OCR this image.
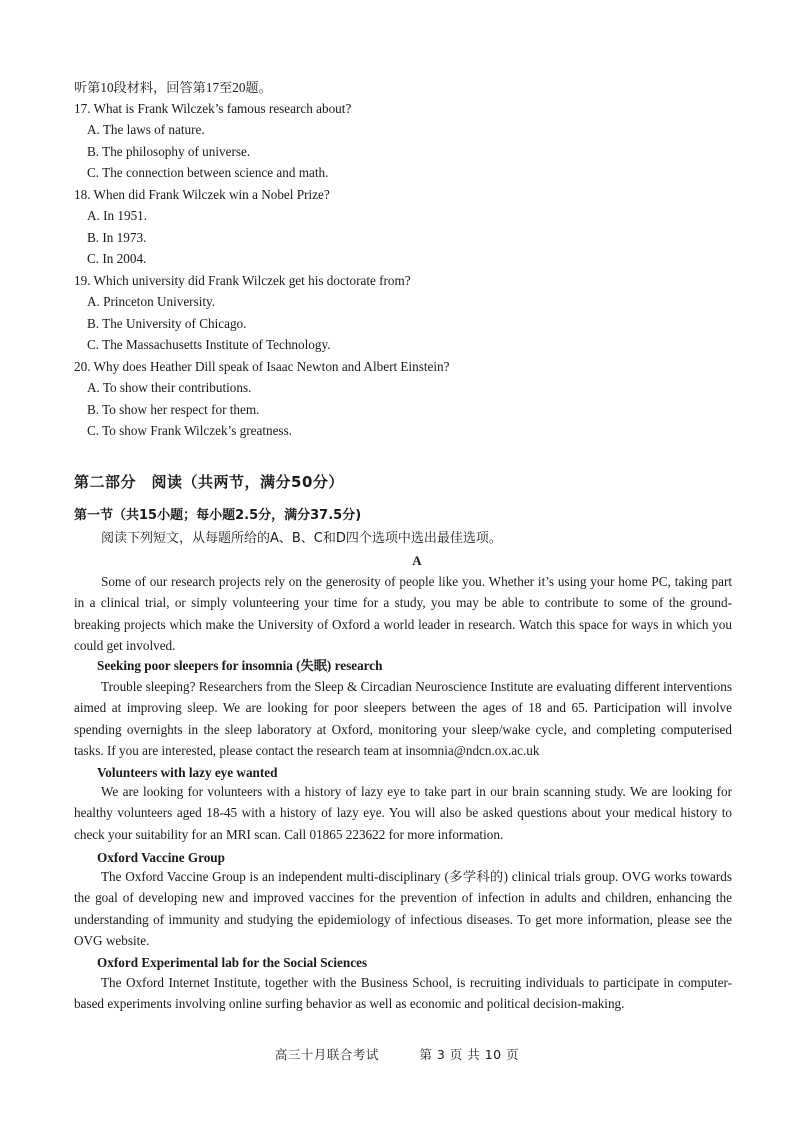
听第10段材料，回答第17至20题。
17. What is Frank Wilczek’s famous research about?
A. The laws of nature.
B. The philosophy of universe.
C. The connection between science and math.
18. When did Frank Wilczek win a Nobel Prize?
A. In 1951.
B. In 1973.
C. In 2004.
19. Which university did Frank Wilczek get his doctorate from?
A. Princeton University.
B. The University of Chicago.
C. The Massachusetts Institute of Technology.
20. Why does Heather Dill speak of Isaac Newton and Albert Einstein?
A. To show their contributions.
B. To show her respect for them.
C. To show Frank Wilczek’s greatness.
第二部分　阅读（共两节，满分50分）
第一节（共15小题；每小题2.5分，满分37.5分)
阅读下列短文，从每题所给的A、B、C和D四个选项中选出最佳选项。
A
Some of our research projects rely on the generosity of people like you. Whether it’s using your home PC, taking part in a clinical trial, or simply volunteering your time for a study, you may be able to contribute to some of the ground-breaking projects which make the University of Oxford a world leader in research. Watch this space for ways in which you could get involved.
Seeking poor sleepers for insomnia (失眠) research
Trouble sleeping? Researchers from the Sleep & Circadian Neuroscience Institute are evaluating different interventions aimed at improving sleep. We are looking for poor sleepers between the ages of 18 and 65. Participation will involve spending overnights in the sleep laboratory at Oxford, monitoring your sleep/wake cycle, and completing computerised tasks. If you are interested, please contact the research team at insomnia@ndcn.ox.ac.uk
Volunteers with lazy eye wanted
We are looking for volunteers with a history of lazy eye to take part in our brain scanning study. We are looking for healthy volunteers aged 18-45 with a history of lazy eye. You will also be asked questions about your medical history to check your suitability for an MRI scan. Call 01865 223622 for more information.
Oxford Vaccine Group
The Oxford Vaccine Group is an independent multi-disciplinary (多学科的) clinical trials group. OVG works towards the goal of developing new and improved vaccines for the prevention of infection in adults and children, enhancing the understanding of immunity and studying the epidemiology of infectious diseases. To get more information, please see the OVG website.
Oxford Experimental lab for the Social Sciences
The Oxford Internet Institute, together with the Business School, is recruiting individuals to participate in computer-based experiments involving online surfing behavior as well as economic and political decision-making.
高三十月联合考试	第 3 页 共 10 页
